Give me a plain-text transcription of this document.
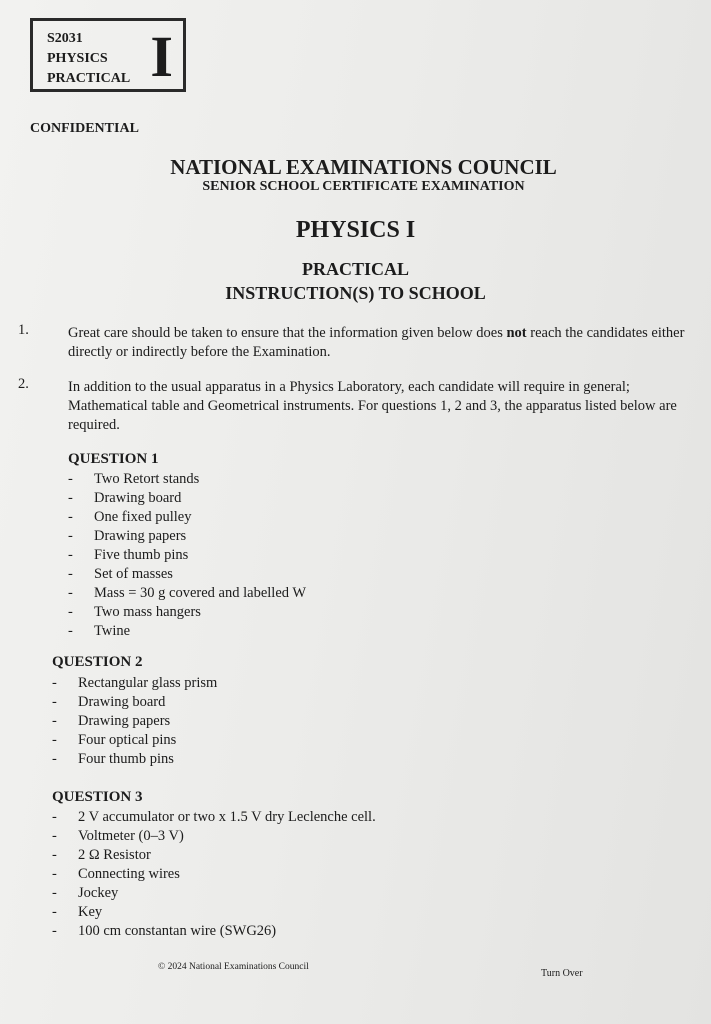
S2031
PHYSICS
PRACTICAL I
CONFIDENTIAL
NATIONAL EXAMINATIONS COUNCIL
SENIOR SCHOOL CERTIFICATE EXAMINATION
PHYSICS I
PRACTICAL
INSTRUCTION(S) TO SCHOOL
1.	Great care should be taken to ensure that the information given below does not reach the candidates either directly or indirectly before the Examination.
2.	In addition to the usual apparatus in a Physics Laboratory, each candidate will require in general; Mathematical table and Geometrical instruments. For questions 1, 2 and 3, the apparatus listed below are required.
QUESTION 1
- Two Retort stands
- Drawing board
- One fixed pulley
- Drawing papers
- Five thumb pins
- Set of masses
- Mass = 30 g covered and labelled W
- Two mass hangers
- Twine
QUESTION 2
- Rectangular glass prism
- Drawing board
- Drawing papers
- Four optical pins
- Four thumb pins
QUESTION 3
- 2 V accumulator or two x 1.5 V dry Leclenche cell.
- Voltmeter (0–3 V)
- 2 Ω Resistor
- Connecting wires
- Jockey
- Key
- 100 cm constantan wire (SWG26)
© 2024 National Examinations Council
Turn Over
